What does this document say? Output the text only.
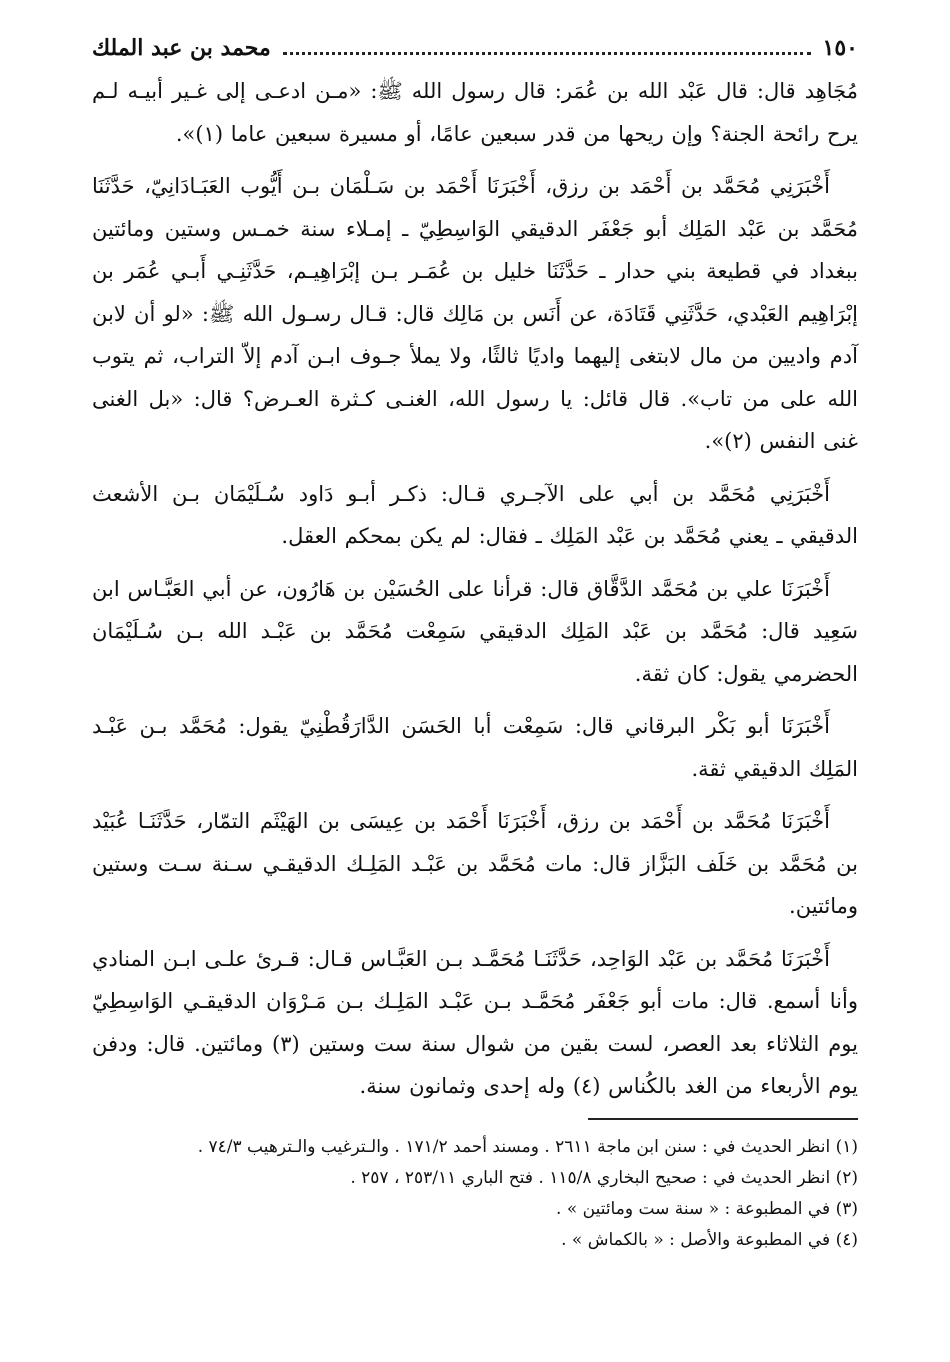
١٥٠
محمد بن عبد الملك

مُجَاهِد قال: قال عَبْد الله بن عُمَر: قال رسول الله ﷺ: «مـن ادعـى إلى غـير أبيـه لـم يرح رائحة الجنة؟ وإن ريحها من قدر سبعين عامًا، أو مسيرة سبعين عاما (١)».

أَخْبَرَنِي مُحَمَّد بن أَحْمَد بن رزق، أَخْبَرَنَا أَحْمَد بن سَـلْمَان بـن أَيُّوب العَبَـادَانِيّ، حَدَّثَنَا مُحَمَّد بن عَبْد المَلِك أبو جَعْفَر الدقيقي الوَاسِطِيّ ـ إمـلاء سنة خمـس وستين ومائتين ببغداد في قطيعة بني حدار ـ حَدَّثَنَا خليل بن عُمَـر بـن إبْرَاهِيـم، حَدَّثَنِـي أَبـي عُمَر بن إبْرَاهِيم العَبْدي، حَدَّثَنِي قَتَادَة، عن أَنَس بن مَالِك قال: قـال رسـول الله ﷺ: «لو أن لابن آدم واديين من مال لابتغى إليهما واديًا ثالثًا، ولا يملأ جـوف ابـن آدم إلاّ التراب، ثم يتوب الله على من تاب». قال قائل: يا رسول الله، الغنـى كـثرة العـرض؟ قال: «بل الغنى غنى النفس (٢)».

أَخْبَرَنِي مُحَمَّد بن أبي على الآجـري قـال: ذكـر أبـو دَاود سُـلَيْمَان بـن الأشعث الدقيقي ـ يعني مُحَمَّد بن عَبْد المَلِك ـ فقال: لم يكن بمحكم العقل.

أَخْبَرَنَا علي بن مُحَمَّد الدَّقَّاق قال: قرأنا على الحُسَيْن بن هَارُون، عن أبي العَبَّـاس ابن سَعِيد قال: مُحَمَّد بن عَبْد المَلِك الدقيقي سَمِعْت مُحَمَّد بن عَبْـد الله بـن سُـلَيْمَان الحضرمي يقول: كان ثقة.

أَخْبَرَنَا أبو بَكْر البرقاني قال: سَمِعْت أبا الحَسَن الدَّارَقُطْنِيّ يقول: مُحَمَّد بـن عَبْـد المَلِك الدقيقي ثقة.

أَخْبَرَنَا مُحَمَّد بن أَحْمَد بن رزق، أَخْبَرَنَا أَحْمَد بن عِيسَى بن الهَيْثَم التمّار، حَدَّثَنَـا عُبَيْد بن مُحَمَّد بن خَلَف البَزَّاز قال: مات مُحَمَّد بن عَبْـد المَلِـك الدقيقـي سـنة سـت وستين ومائتين.

أَخْبَرَنَا مُحَمَّد بن عَبْد الوَاحِد، حَدَّثَنَـا مُحَمَّـد بـن العَبَّـاس قـال: قـرئ علـى ابـن المنادي وأنا أسمع. قال: مات أبو جَعْفَر مُحَمَّـد بـن عَبْـد المَلِـك بـن مَـرْوَان الدقيقـي الوَاسِطِيّ يوم الثلاثاء بعد العصر، لست بقين من شوال سنة ست وستين (٣) ومائتين. قال: ودفن يوم الأربعاء من الغد بالكُناس (٤) وله إحدى وثمانون سنة.

(١) انظر الحديث في : سنن ابن ماجة ٢٦١١ . ومسند أحمد ١٧١/٢ . والـترغيب والـترهيب ٧٤/٣ .

(٢) انظر الحديث في : صحيح البخاري ١١٥/٨ . فتح الباري ٢٥٣/١١ ، ٢٥٧ .

(٣) في المطبوعة : « سنة ست ومائتين » .

(٤) في المطبوعة والأصل : « بالكماش » .
